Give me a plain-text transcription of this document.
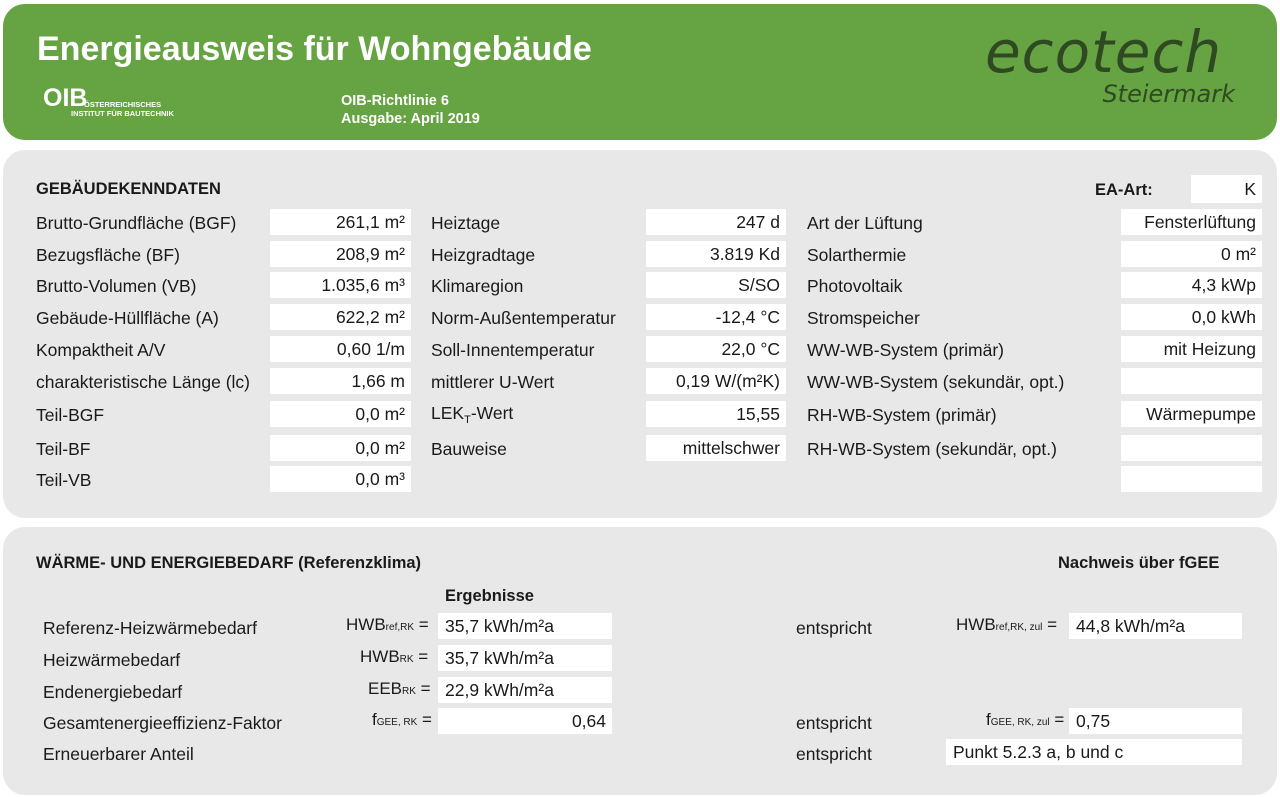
Energieausweis für Wohngebäude
OIB
ÖSTERREICHISCHES
INSTITUT FÜR BAUTECHNIK
OIB-Richtlinie 6
Ausgabe: April 2019
ecotech
Steiermark
GEBÄUDEKENNDATEN	EA-Art:	K
Brutto-Grundfläche (BGF)	261,1 m²
Bezugsfläche (BF)	208,9 m²
Brutto-Volumen (VB)	1.035,6 m³
Gebäude-Hüllfläche (A)	622,2 m²
Kompaktheit A/V	0,60 1/m
charakteristische Länge (lc)	1,66 m
Teil-BGF	0,0 m²
Teil-BF	0,0 m²
Teil-VB	0,0 m³
Heiztage	247 d
Heizgradtage	3.819 Kd
Klimaregion	S/SO
Norm-Außentemperatur	-12,4 °C
Soll-Innentemperatur	22,0 °C
mittlerer U-Wert	0,19 W/(m²K)
$LEK_T$-Wert	15,55
Bauweise	mittelschwer
Art der Lüftung	Fensterlüftung
Solarthermie	0 m²
Photovoltaik	4,3 kWp
Stromspeicher	0,0 kWh
WW-WB-System (primär)	mit Heizung
WW-WB-System (sekundär, opt.)
RH-WB-System (primär)	Wärmepumpe
RH-WB-System (sekundär, opt.)
WÄRME- UND ENERGIEBEDARF (Referenzklima)	Nachweis über fGEE
Ergebnisse
Referenz-Heizwärmebedarf	HWBref,RK = 35,7 kWh/m²a	entspricht	HWBref,RK, zul =	44,8 kWh/m²a
Heizwärmebedarf	HWBRK = 35,7 kWh/m²a
Endenergiebedarf	EEBRK = 22,9 kWh/m²a
Gesamtenergieeffizienz-Faktor	fGEE, RK =	0,64	entspricht	fGEE, RK, zul = 0,75
Erneuerbarer Anteil	entspricht	Punkt 5.2.3 a, b und c
